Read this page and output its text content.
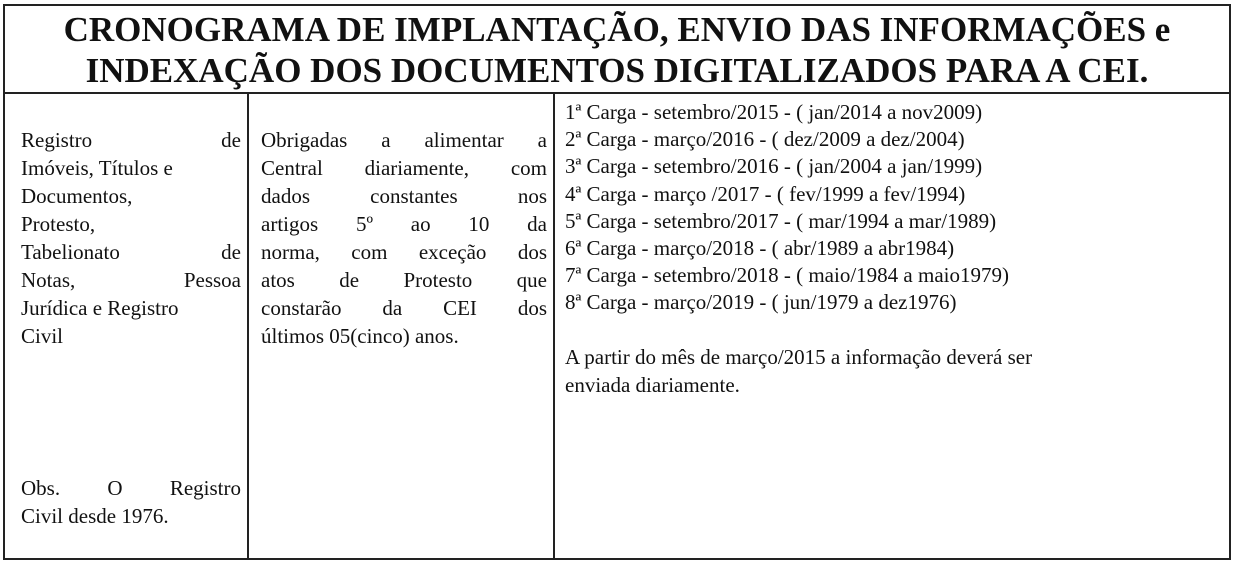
CRONOGRAMA DE IMPLANTAÇÃO, ENVIO DAS INFORMAÇÕES e
INDEXAÇÃO DOS DOCUMENTOS DIGITALIZADOS PARA A CEI.
Registro de
Imóveis, Títulos e
Documentos,
Protesto,
Tabelionato de
Notas, Pessoa
Jurídica e Registro
Civil
Obs. O Registro
Civil desde 1976.
Obrigadas a alimentar a
Central diariamente, com
dados constantes nos
artigos 5º ao 10 da
norma, com exceção dos
atos de Protesto que
constarão da CEI dos
últimos 05(cinco) anos.
1ª Carga - setembro/2015 - ( jan/2014 a nov2009)
2ª Carga - março/2016 - ( dez/2009 a dez/2004)
3ª Carga - setembro/2016 - ( jan/2004 a jan/1999)
4ª Carga - março /2017 - ( fev/1999 a fev/1994)
5ª Carga - setembro/2017 - ( mar/1994 a mar/1989)
6ª Carga - março/2018 - ( abr/1989 a abr1984)
7ª Carga - setembro/2018 - ( maio/1984 a maio1979)
8ª Carga - março/2019 - ( jun/1979 a dez1976)
A partir do mês de março/2015 a informação deverá ser
enviada diariamente.
